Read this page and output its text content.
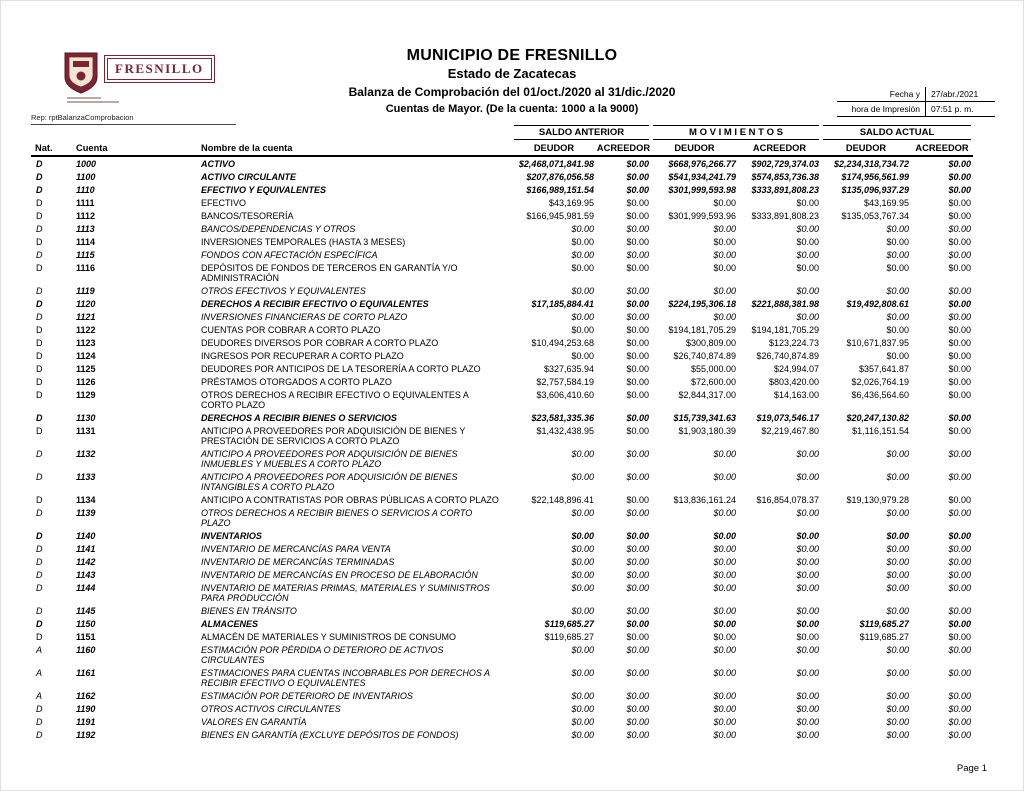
FRESNILLO
MUNICIPIO DE FRESNILLO
Estado de Zacatecas
Balanza de Comprobación del 01/oct./2020 al 31/dic./2020
Cuentas de Mayor. (De la cuenta: 1000 a la 9000)
Fecha y	27/abr./2021
hora de Impresión	07:51 p. m.
Rep: rptBalanzaComprobacion

			SALDO ANTERIOR		M O V I M I E N T O S		SALDO ACTUAL	

Nat.	Cuenta	Nombre de la cuenta	DEUDOR	ACREEDOR	DEUDOR	ACREEDOR	DEUDOR	ACREEDOR
D	1000	ACTIVO	$2,468,071,841.98	$0.00	$668,976,266.77	$902,729,374.03	$2,234,318,734.72	$0.00
D	1100	ACTIVO CIRCULANTE	$207,876,056.58	$0.00	$541,934,241.79	$574,853,736.38	$174,956,561.99	$0.00
D	1110	EFECTIVO Y EQUIVALENTES	$166,989,151.54	$0.00	$301,999,593.98	$333,891,808.23	$135,096,937.29	$0.00
D	1111	EFECTIVO	$43,169.95	$0.00	$0.00	$0.00	$43,169.95	$0.00
D	1112	BANCOS/TESORERÍA	$166,945,981.59	$0.00	$301,999,593.96	$333,891,808.23	$135,053,767.34	$0.00
D	1113	BANCOS/DEPENDENCIAS Y OTROS	$0.00	$0.00	$0.00	$0.00	$0.00	$0.00
D	1114	INVERSIONES TEMPORALES (HASTA 3 MESES)	$0.00	$0.00	$0.00	$0.00	$0.00	$0.00
D	1115	FONDOS CON AFECTACIÓN ESPECÍFICA	$0.00	$0.00	$0.00	$0.00	$0.00	$0.00
D	1116	DEPÓSITOS DE FONDOS DE TERCEROS EN GARANTÍA Y/O ADMINISTRACIÓN	$0.00	$0.00	$0.00	$0.00	$0.00	$0.00
D	1119	OTROS EFECTIVOS Y EQUIVALENTES	$0.00	$0.00	$0.00	$0.00	$0.00	$0.00
D	1120	DERECHOS A RECIBIR EFECTIVO O EQUIVALENTES	$17,185,884.41	$0.00	$224,195,306.18	$221,888,381.98	$19,492,808.61	$0.00
D	1121	INVERSIONES FINANCIERAS DE CORTO PLAZO	$0.00	$0.00	$0.00	$0.00	$0.00	$0.00
D	1122	CUENTAS POR COBRAR A CORTO PLAZO	$0.00	$0.00	$194,181,705.29	$194,181,705.29	$0.00	$0.00
D	1123	DEUDORES DIVERSOS POR COBRAR A CORTO PLAZO	$10,494,253.68	$0.00	$300,809.00	$123,224.73	$10,671,837.95	$0.00
D	1124	INGRESOS POR RECUPERAR A CORTO PLAZO	$0.00	$0.00	$26,740,874.89	$26,740,874.89	$0.00	$0.00
D	1125	DEUDORES POR ANTICIPOS DE LA TESORERÍA A CORTO PLAZO	$327,635.94	$0.00	$55,000.00	$24,994.07	$357,641.87	$0.00
D	1126	PRÉSTAMOS OTORGADOS A CORTO PLAZO	$2,757,584.19	$0.00	$72,600.00	$803,420.00	$2,026,764.19	$0.00
D	1129	OTROS DERECHOS A RECIBIR EFECTIVO O EQUIVALENTES A CORTO PLAZO	$3,606,410.60	$0.00	$2,844,317.00	$14,163.00	$6,436,564.60	$0.00
D	1130	DERECHOS A RECIBIR BIENES O SERVICIOS	$23,581,335.36	$0.00	$15,739,341.63	$19,073,546.17	$20,247,130.82	$0.00
D	1131	ANTICIPO A PROVEEDORES POR ADQUISICIÓN DE BIENES Y PRESTACIÓN DE SERVICIOS A CORTO PLAZO	$1,432,438.95	$0.00	$1,903,180.39	$2,219,467.80	$1,116,151.54	$0.00
D	1132	ANTICIPO A PROVEEDORES POR ADQUISICIÓN DE BIENES INMUEBLES Y MUEBLES A CORTO PLAZO	$0.00	$0.00	$0.00	$0.00	$0.00	$0.00
D	1133	ANTICIPO A PROVEEDORES POR ADQUISICIÓN DE BIENES INTANGIBLES A CORTO PLAZO	$0.00	$0.00	$0.00	$0.00	$0.00	$0.00
D	1134	ANTICIPO A CONTRATISTAS POR OBRAS PÚBLICAS A CORTO PLAZO	$22,148,896.41	$0.00	$13,836,161.24	$16,854,078.37	$19,130,979.28	$0.00
D	1139	OTROS DERECHOS A RECIBIR BIENES O SERVICIOS A CORTO PLAZO	$0.00	$0.00	$0.00	$0.00	$0.00	$0.00
D	1140	INVENTARIOS	$0.00	$0.00	$0.00	$0.00	$0.00	$0.00
D	1141	INVENTARIO DE MERCANCÍAS PARA VENTA	$0.00	$0.00	$0.00	$0.00	$0.00	$0.00
D	1142	INVENTARIO DE MERCANCÍAS TERMINADAS	$0.00	$0.00	$0.00	$0.00	$0.00	$0.00
D	1143	INVENTARIO DE MERCANCÍAS EN PROCESO DE ELABORACIÓN	$0.00	$0.00	$0.00	$0.00	$0.00	$0.00
D	1144	INVENTARIO DE MATERIAS PRIMAS, MATERIALES Y SUMINISTROS PARA PRODUCCIÓN	$0.00	$0.00	$0.00	$0.00	$0.00	$0.00
D	1145	BIENES EN TRÁNSITO	$0.00	$0.00	$0.00	$0.00	$0.00	$0.00
D	1150	ALMACENES	$119,685.27	$0.00	$0.00	$0.00	$119,685.27	$0.00
D	1151	ALMACÉN DE MATERIALES Y SUMINISTROS DE CONSUMO	$119,685.27	$0.00	$0.00	$0.00	$119,685.27	$0.00
A	1160	ESTIMACIÓN POR PÉRDIDA O DETERIORO DE ACTIVOS CIRCULANTES	$0.00	$0.00	$0.00	$0.00	$0.00	$0.00
A	1161	ESTIMACIONES PARA CUENTAS INCOBRABLES POR DERECHOS A RECIBIR EFECTIVO O EQUIVALENTES	$0.00	$0.00	$0.00	$0.00	$0.00	$0.00
A	1162	ESTIMACIÓN POR DETERIORO DE INVENTARIOS	$0.00	$0.00	$0.00	$0.00	$0.00	$0.00
D	1190	OTROS ACTIVOS CIRCULANTES	$0.00	$0.00	$0.00	$0.00	$0.00	$0.00
D	1191	VALORES EN GARANTÍA	$0.00	$0.00	$0.00	$0.00	$0.00	$0.00
D	1192	BIENES EN GARANTÍA (EXCLUYE DEPÓSITOS DE FONDOS)	$0.00	$0.00	$0.00	$0.00	$0.00	$0.00
Page 1
